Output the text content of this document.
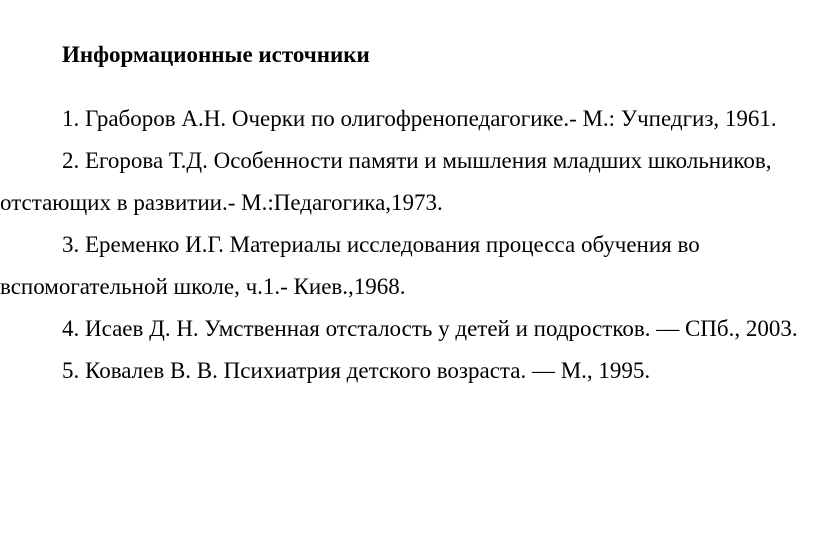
Информационные источники
1. Граборов А.Н. Очерки по олигофренопедагогике.- М.: Учпедгиз, 1961.
2. Егорова Т.Д. Особенности памяти и мышления младших школьников, отстающих в развитии.- М.:Педагогика,1973.
3. Еременко И.Г. Материалы исследования процесса обучения во вспомогательной школе, ч.1.- Киев.,1968.
4. Исаев Д. Н. Умственная отсталость у детей и подростков. — СПб., 2003.
5. Ковалев В. В. Психиатрия детского возраста. — М., 1995.
